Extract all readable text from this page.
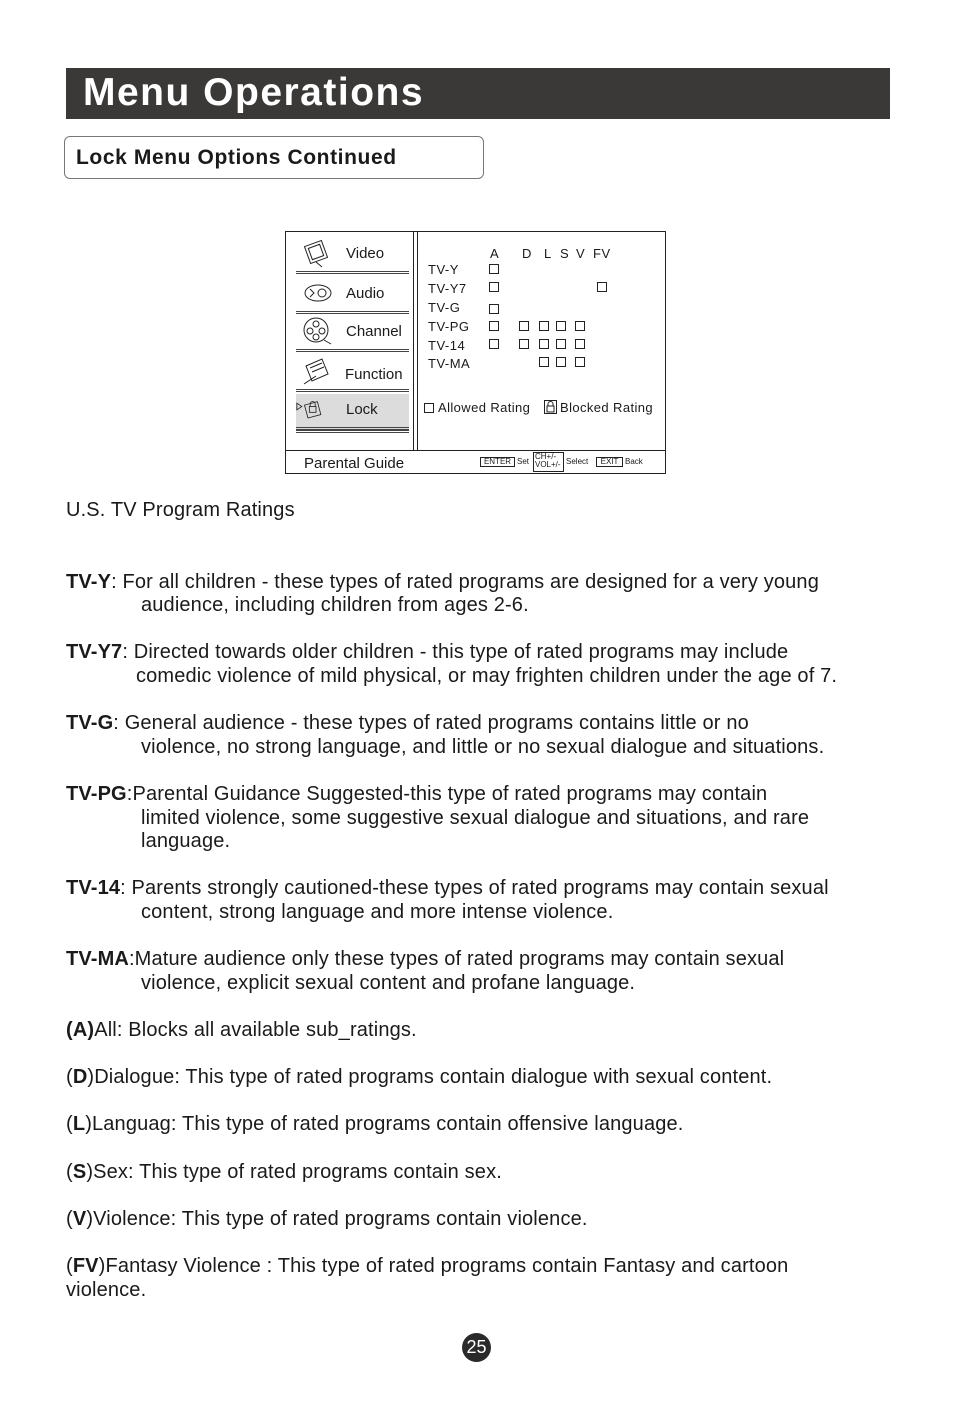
Menu Operations
Lock Menu Options Continued
Video
Audio
Channel
Function
Lock
A D L S V FV
TV-Y
TV-Y7
TV-G
TV-PG
TV-14
TV-MA
Allowed Rating Blocked Rating
Parental Guide	ENTER Set
CH+/-
VOL+/- Select	EXIT Back
U.S. TV Program Ratings
TV-Y: For all children - these types of rated programs are designed for a very young
audience, including children from ages 2-6.
TV-Y7: Directed towards older children - this type of rated programs may include
comedic violence of mild physical, or may frighten children under the age of 7.
TV-G: General audience - these types of rated programs contains little or no
violence, no strong language, and little or no sexual dialogue and situations.
TV-PG:Parental Guidance Suggested-this type of rated programs may contain
limited violence, some suggestive sexual dialogue and situations, and rare
language.
TV-14: Parents strongly cautioned-these types of rated programs may contain sexual
content, strong language and more intense violence.
TV-MA:Mature audience only these types of rated programs may contain sexual
violence, explicit sexual content and profane language.
(A)All: Blocks all available sub_ratings.
(D)Dialogue: This type of rated programs contain dialogue with sexual content.
(L)Languag: This type of rated programs contain offensive language.
(S)Sex: This type of rated programs contain sex.
(V)Violence: This type of rated programs contain violence.
(FV)Fantasy Violence : This type of rated programs contain Fantasy and cartoon
violence.
25
